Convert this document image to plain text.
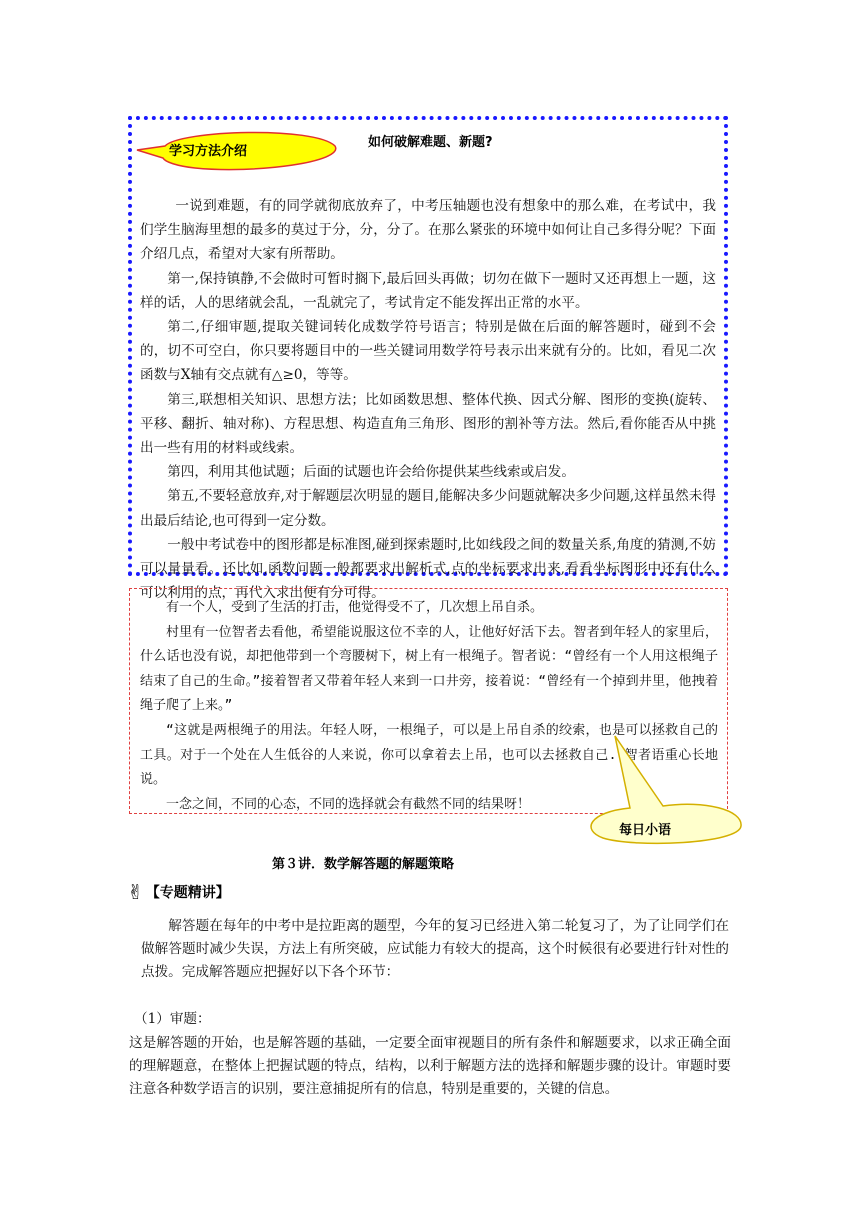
一说到难题，有的同学就彻底放弃了，中考压轴题也没有想象中的那么难，在考试中，我们学生脑海里想的最多的莫过于分，分，分了。在那么紧张的环境中如何让自己多得分呢？下面介绍几点，希望对大家有所帮助。

第一,保持镇静,不会做时可暂时搁下,最后回头再做；切勿在做下一题时又还再想上一题，这样的话，人的思绪就会乱，一乱就完了，考试肯定不能发挥出正常的水平。

第二,仔细审题,提取关键词转化成数学符号语言；特别是做在后面的解答题时，碰到不会的，切不可空白，你只要将题目中的一些关键词用数学符号表示出来就有分的。比如，看见二次函数与X轴有交点就有△≥0，等等。

第三,联想相关知识、思想方法；比如函数思想、整体代换、因式分解、图形的变换(旋转、平移、翻折、轴对称)、方程思想、构造直角三角形、图形的割补等方法。然后,看你能否从中挑出一些有用的材料或线索。

第四，利用其他试题；后面的试题也许会给你提供某些线索或启发。

第五,不要轻意放弃,对于解题层次明显的题目,能解决多少问题就解决多少问题,这样虽然未得出最后结论,也可得到一定分数。

一般中考试卷中的图形都是标准图,碰到探索题时,比如线段之间的数量关系,角度的猜测,不妨可以量量看。还比如,函数问题一般都要求出解析式,点的坐标要求出来,看看坐标图形中还有什么可以利用的点，再代入求出便有分可得。

学习方法介绍
如何破解难题、新题?

有一个人，受到了生活的打击，他觉得受不了，几次想上吊自杀。

村里有一位智者去看他，希望能说服这位不幸的人，让他好好活下去。智者到年轻人的家里后，什么话也没有说，却把他带到一个弯腰树下，树上有一根绳子。智者说：“曾经有一个人用这根绳子结束了自己的生命。”接着智者又带着年轻人来到一口井旁，接着说：“曾经有一个掉到井里，他拽着绳子爬了上来。”

“这就是两根绳子的用法。年轻人呀，一根绳子，可以是上吊自杀的绞索，也是可以拯救自己的工具。对于一个处在人生低谷的人来说，你可以拿着去上吊，也可以去拯救自己.”智者语重心长地说。

一念之间，不同的心态，不同的选择就会有截然不同的结果呀！

每日小语
第３讲．数学解答题的解题策略
✌ 【专题精讲】

解答题在每年的中考中是拉距离的题型，今年的复习已经进入第二轮复习了，为了让同学们在做解答题时减少失误，方法上有所突破，应试能力有较大的提高，这个时候很有必要进行针对性的点拨。完成解答题应把握好以下各个环节：

（1）审题：

这是解答题的开始，也是解答题的基础，一定要全面审视题目的所有条件和解题要求，以求正确全面的理解题意，在整体上把握试题的特点，结构，以利于解题方法的选择和解题步骤的设计。审题时要注意各种数学语言的识别，要注意捕捉所有的信息，特别是重要的，关键的信息。
